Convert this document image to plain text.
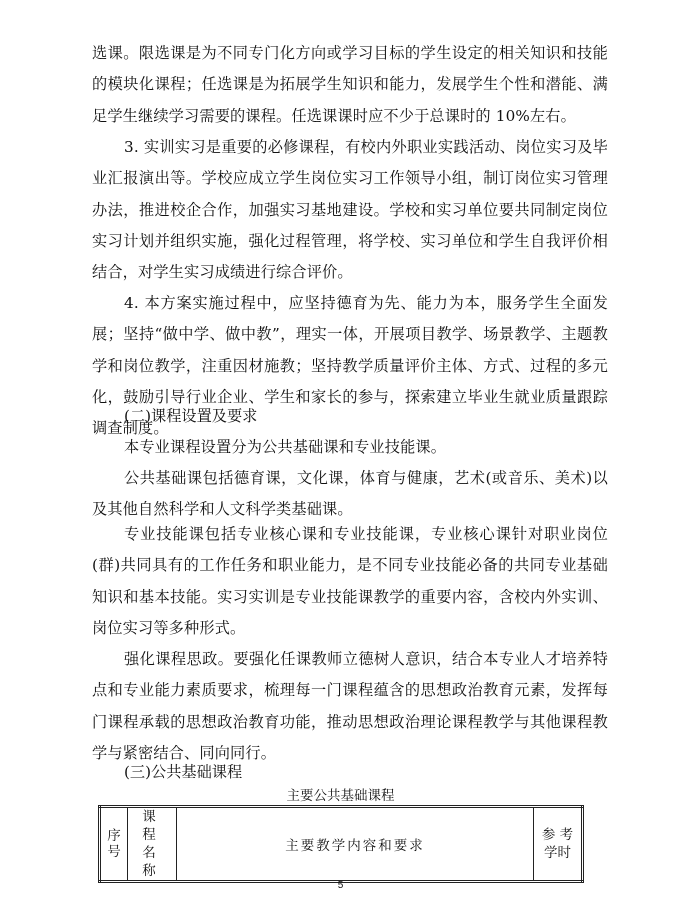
选课。限选课是为不同专门化方向或学习目标的学生设定的相关知识和技能的模块化课程；任选课是为拓展学生知识和能力，发展学生个性和潜能、满足学生继续学习需要的课程。任选课课时应不少于总课时的 10%左右。

3. 实训实习是重要的必修课程，有校内外职业实践活动、岗位实习及毕业汇报演出等。学校应成立学生岗位实习工作领导小组，制订岗位实习管理办法，推进校企合作，加强实习基地建设。学校和实习单位要共同制定岗位实习计划并组织实施，强化过程管理，将学校、实习单位和学生自我评价相结合，对学生实习成绩进行综合评价。

4. 本方案实施过程中，应坚持德育为先、能力为本，服务学生全面发展；坚持“做中学、做中教”，理实一体，开展项目教学、场景教学、主题教学和岗位教学，注重因材施教；坚持教学质量评价主体、方式、过程的多元化，鼓励引导行业企业、学生和家长的参与，探索建立毕业生就业质量跟踪调查制度。

(二)课程设置及要求

本专业课程设置分为公共基础课和专业技能课。

公共基础课包括德育课，文化课，体育与健康，艺术(或音乐、美术)以及其他自然科学和人文科学类基础课。

专业技能课包括专业核心课和专业技能课，专业核心课针对职业岗位(群)共同具有的工作任务和职业能力，是不同专业技能必备的共同专业基础知识和基本技能。实习实训是专业技能课教学的重要内容，含校内外实训、岗位实习等多种形式。

强化课程思政。要强化任课教师立德树人意识，结合本专业人才培养特点和专业能力素质要求，梳理每一门课程蕴含的思想政治教育元素，发挥每门课程承载的思想政治教育功能，推动思想政治理论课程教学与其他课程教学与紧密结合、同向同行。

(三)公共基础课程

主要公共基础课程
序号	课 程 名 称	主要教学内容和要求	参 考 学时
5
